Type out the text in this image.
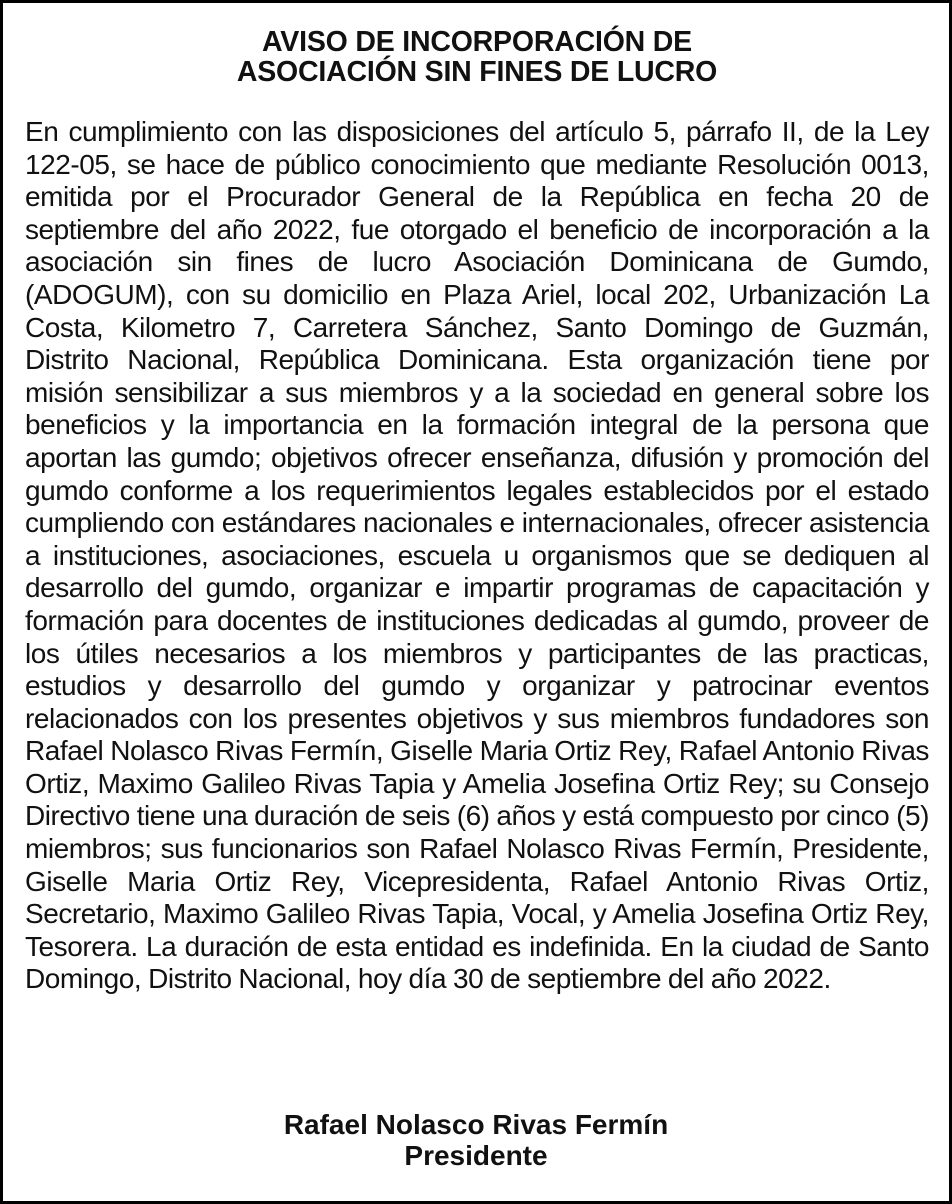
AVISO DE INCORPORACIÓN DE
ASOCIACIÓN SIN FINES DE LUCRO

En cumplimiento con las disposiciones del artículo 5, párrafo II, de la Ley 122-05, se hace de público conocimiento que mediante Resolución 0013, emitida por el Procurador General de la República en fecha 20 de septiembre del año 2022, fue otorgado el beneficio de incorporación a la asociación sin fines de lucro Asociación Dominicana de Gumdo, (ADOGUM), con su domicilio en Plaza Ariel, local 202, Urbanización La Costa, Kilometro 7, Carretera Sánchez, Santo Domingo de Guzmán, Distrito Nacional, República Dominicana. Esta organización tiene por misión sensibilizar a sus miembros y a la sociedad en general sobre los beneficios y la importancia en la formación integral de la persona que aportan las gumdo; objetivos ofrecer enseñanza, difusión y promoción del gumdo conforme a los requerimientos legales establecidos por el estado cumpliendo con estándares nacionales e internacionales, ofrecer asistencia a instituciones, asociaciones, escuela u organismos que se dediquen al desarrollo del gumdo, organizar e impartir programas de capacitación y formación para docentes de instituciones dedicadas al gumdo, proveer de los útiles necesarios a los miembros y participantes de las practicas, estudios y desarrollo del gumdo y organizar y patrocinar eventos relacionados con los presentes objetivos y sus miembros fundadores son Rafael Nolasco Rivas Fermín, Giselle Maria Ortiz Rey, Rafael Antonio Rivas Ortiz, Maximo Galileo Rivas Tapia y Amelia Josefina Ortiz Rey; su Consejo Directivo tiene una duración de seis (6) años y está compuesto por cinco (5) miembros; sus funcionarios son Rafael Nolasco Rivas Fermín, Presidente, Giselle Maria Ortiz Rey, Vicepresidenta, Rafael Antonio Rivas Ortiz, Secretario, Maximo Galileo Rivas Tapia, Vocal, y Amelia Josefina Ortiz Rey, Tesorera. La duración de esta entidad es indefinida. En la ciudad de Santo Domingo, Distrito Nacional, hoy día 30 de septiembre del año 2022.

Rafael Nolasco Rivas Fermín
Presidente
